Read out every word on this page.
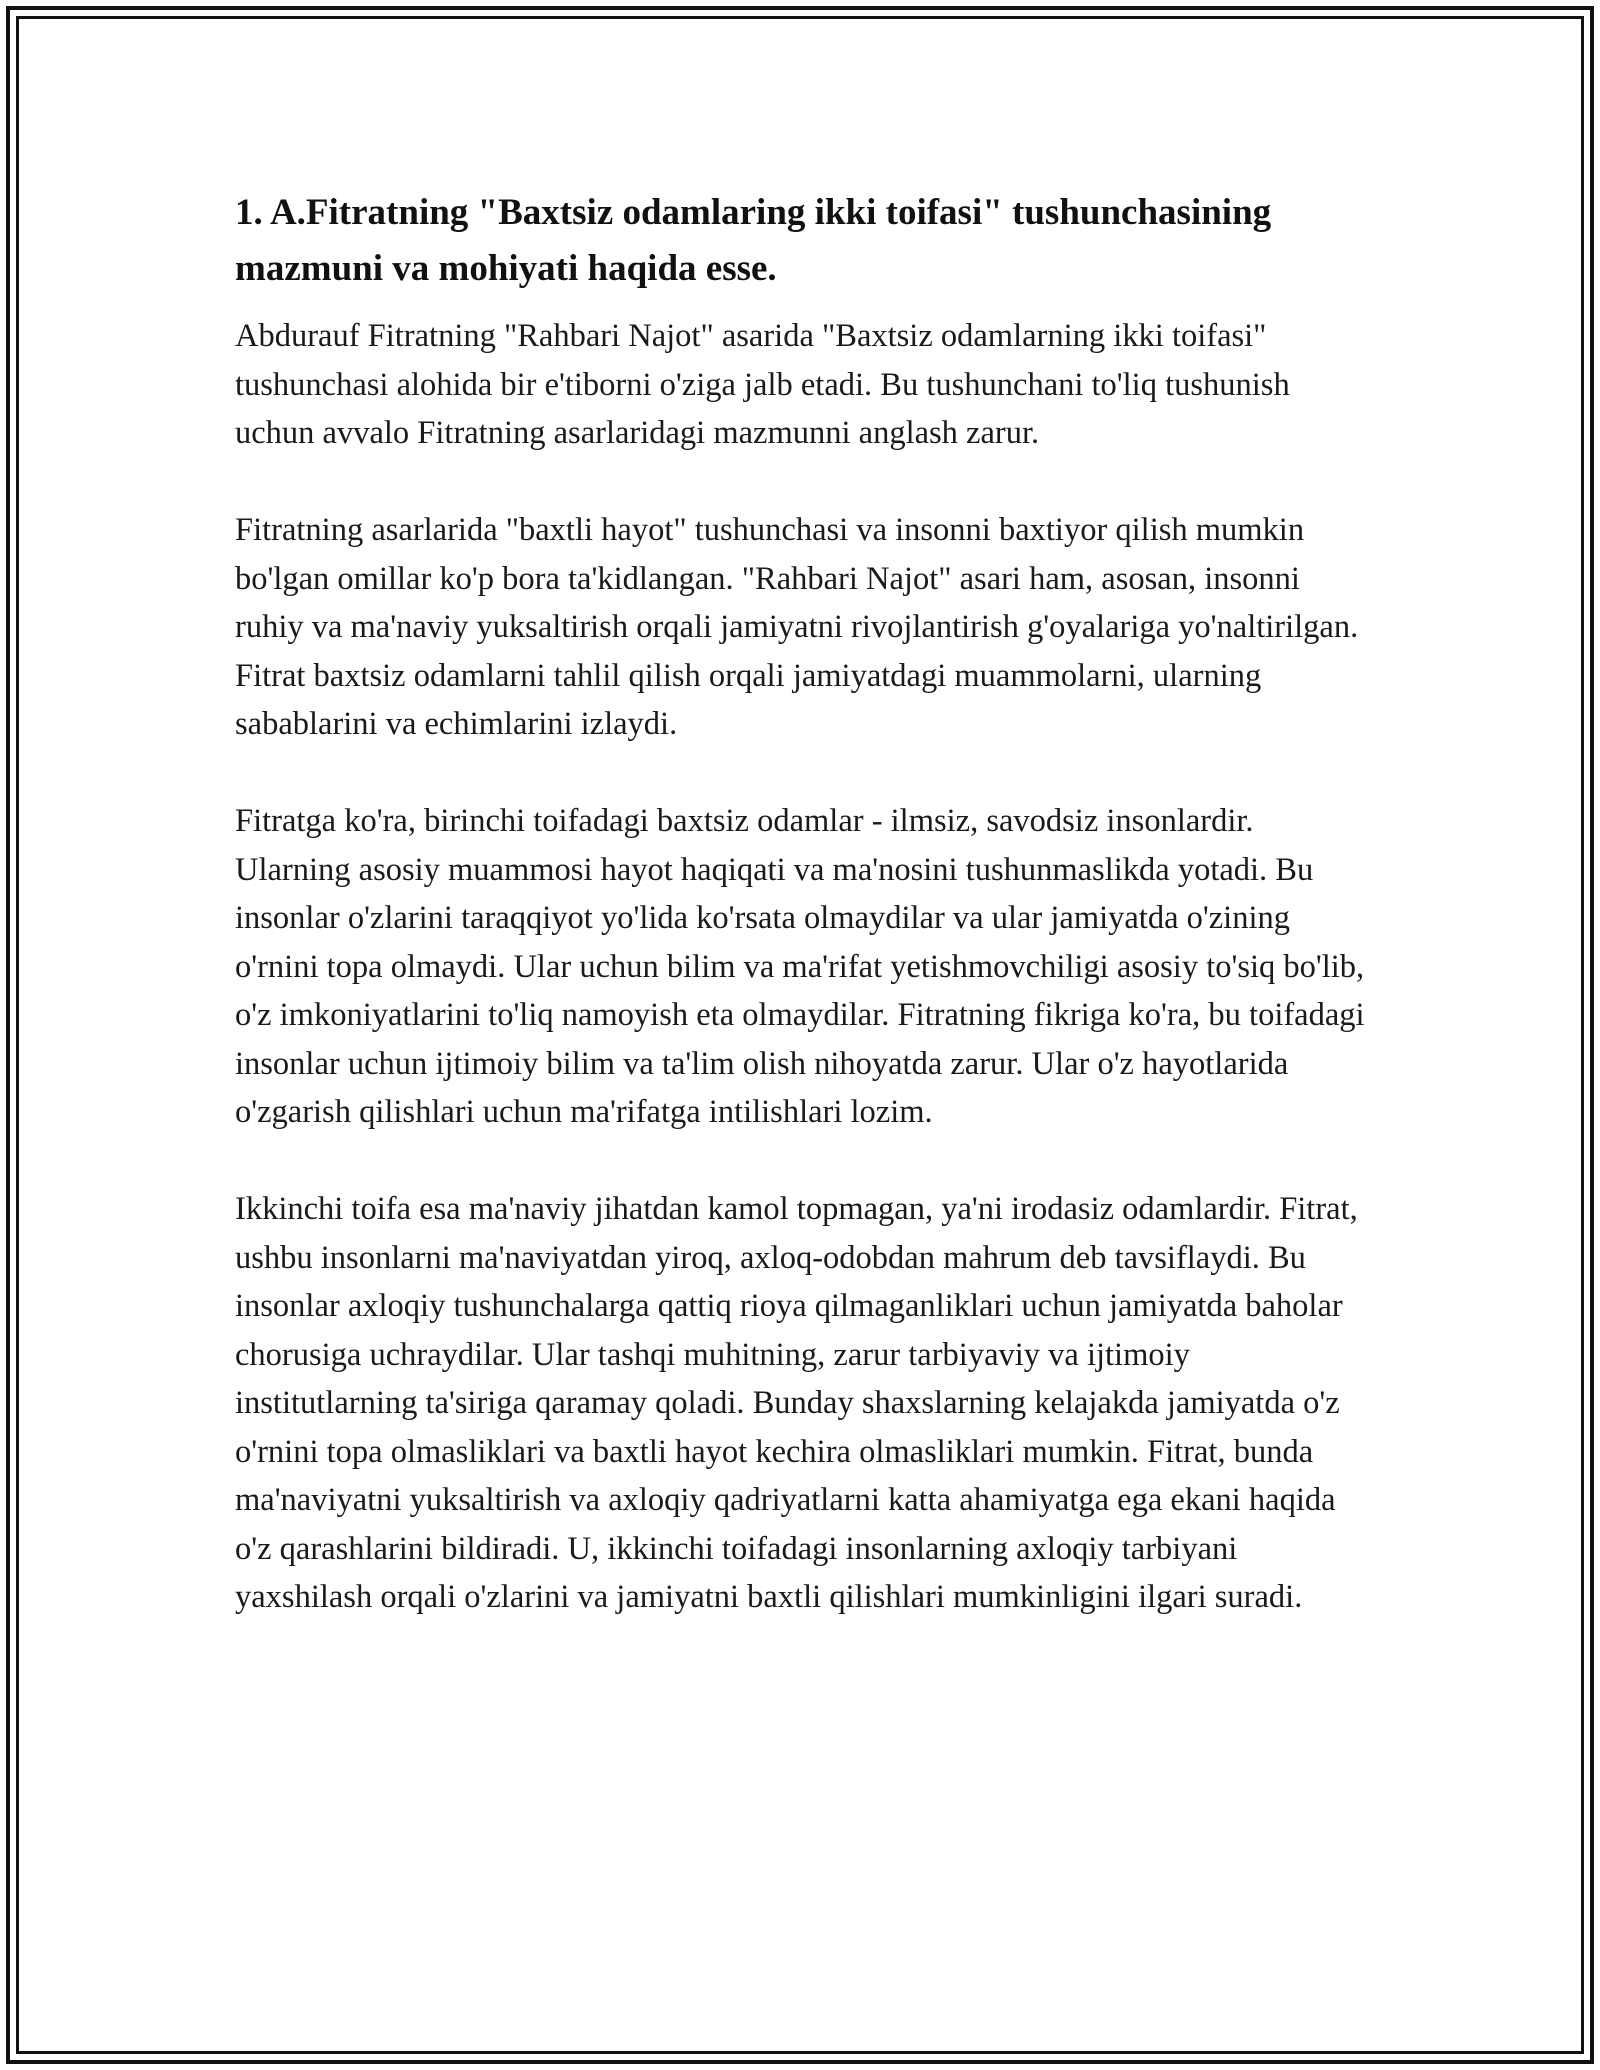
1. A.Fitratning "Baxtsiz odamlaring ikki toifasi" tushunchasining mazmuni va mohiyati haqida esse.

Abdurauf Fitratning "Rahbari Najot" asarida "Baxtsiz odamlarning ikki toifasi" tushunchasi alohida bir e'tiborni o'ziga jalb etadi. Bu tushunchani to'liq tushunish uchun avvalo Fitratning asarlaridagi mazmunni anglash zarur.

Fitratning asarlarida "baxtli hayot" tushunchasi va insonni baxtiyor qilish mumkin bo'lgan omillar ko'p bora ta'kidlangan. "Rahbari Najot" asari ham, asosan, insonni ruhiy va ma'naviy yuksaltirish orqali jamiyatni rivojlantirish g'oyalariga yo'naltirilgan. Fitrat baxtsiz odamlarni tahlil qilish orqali jamiyatdagi muammolarni, ularning sabablarini va echimlarini izlaydi.

Fitratga ko'ra, birinchi toifadagi baxtsiz odamlar - ilmsiz, savodsiz insonlardir. Ularning asosiy muammosi hayot haqiqati va ma'nosini tushunmaslikda yotadi. Bu insonlar o'zlarini taraqqiyot yo'lida ko'rsata olmaydilar va ular jamiyatda o'zining o'rnini topa olmaydi. Ular uchun bilim va ma'rifat yetishmovchiligi asosiy to'siq bo'lib, o'z imkoniyatlarini to'liq namoyish eta olmaydilar. Fitratning fikriga ko'ra, bu toifadagi insonlar uchun ijtimoiy bilim va ta'lim olish nihoyatda zarur. Ular o'z hayotlarida o'zgarish qilishlari uchun ma'rifatga intilishlari lozim.

Ikkinchi toifa esa ma'naviy jihatdan kamol topmagan, ya'ni irodasiz odamlardir. Fitrat, ushbu insonlarni ma'naviyatdan yiroq, axloq-odobdan mahrum deb tavsiflaydi. Bu insonlar axloqiy tushunchalarga qattiq rioya qilmaganliklari uchun jamiyatda baholar chorusiga uchraydilar. Ular tashqi muhitning, zarur tarbiyaviy va ijtimoiy institutlarning ta'siriga qaramay qoladi. Bunday shaxslarning kelajakda jamiyatda o'z o'rnini topa olmasliklari va baxtli hayot kechira olmasliklari mumkin. Fitrat, bunda ma'naviyatni yuksaltirish va axloqiy qadriyatlarni katta ahamiyatga ega ekani haqida o'z qarashlarini bildiradi. U, ikkinchi toifadagi insonlarning axloqiy tarbiyani yaxshilash orqali o'zlarini va jamiyatni baxtli qilishlari mumkinligini ilgari suradi.
